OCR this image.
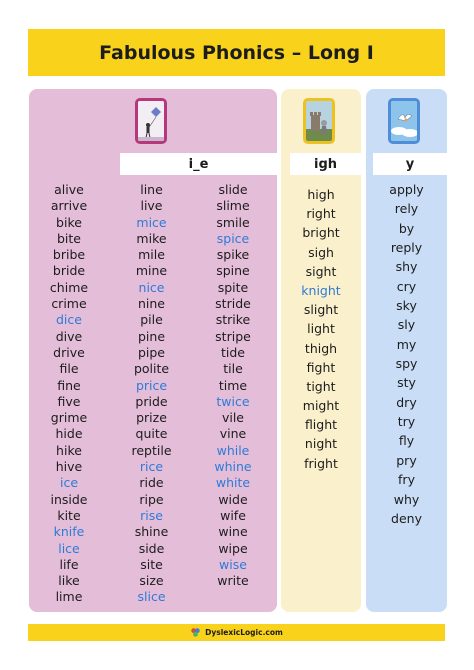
Fabulous Phonics – Long I
i_e
alive
arrive
bike
bite
bribe
bride
chime
crime
dice
dive
drive
file
fine
five
grime
hide
hike
hive
ice
inside
kite
knife
lice
life
like
lime
line
live
mice
mike
mile
mine
nice
nine
pile
pine
pipe
polite
price
pride
prize
quite
reptile
rice
ride
ripe
rise
shine
side
site
size
slice
slide
slime
smile
spice
spike
spine
spite
stride
strike
stripe
tide
tile
time
twice
vile
vine
while
whine
white
wide
wife
wine
wipe
wise
write
igh
high
right
bright
sigh
sight
knight
slight
light
thigh
fight
tight
might
flight
night
fright
y
apply
rely
by
reply
shy
cry
sky
sly
my
spy
sty
dry
try
fly
pry
fry
why
deny
DyslexicLogic.com
